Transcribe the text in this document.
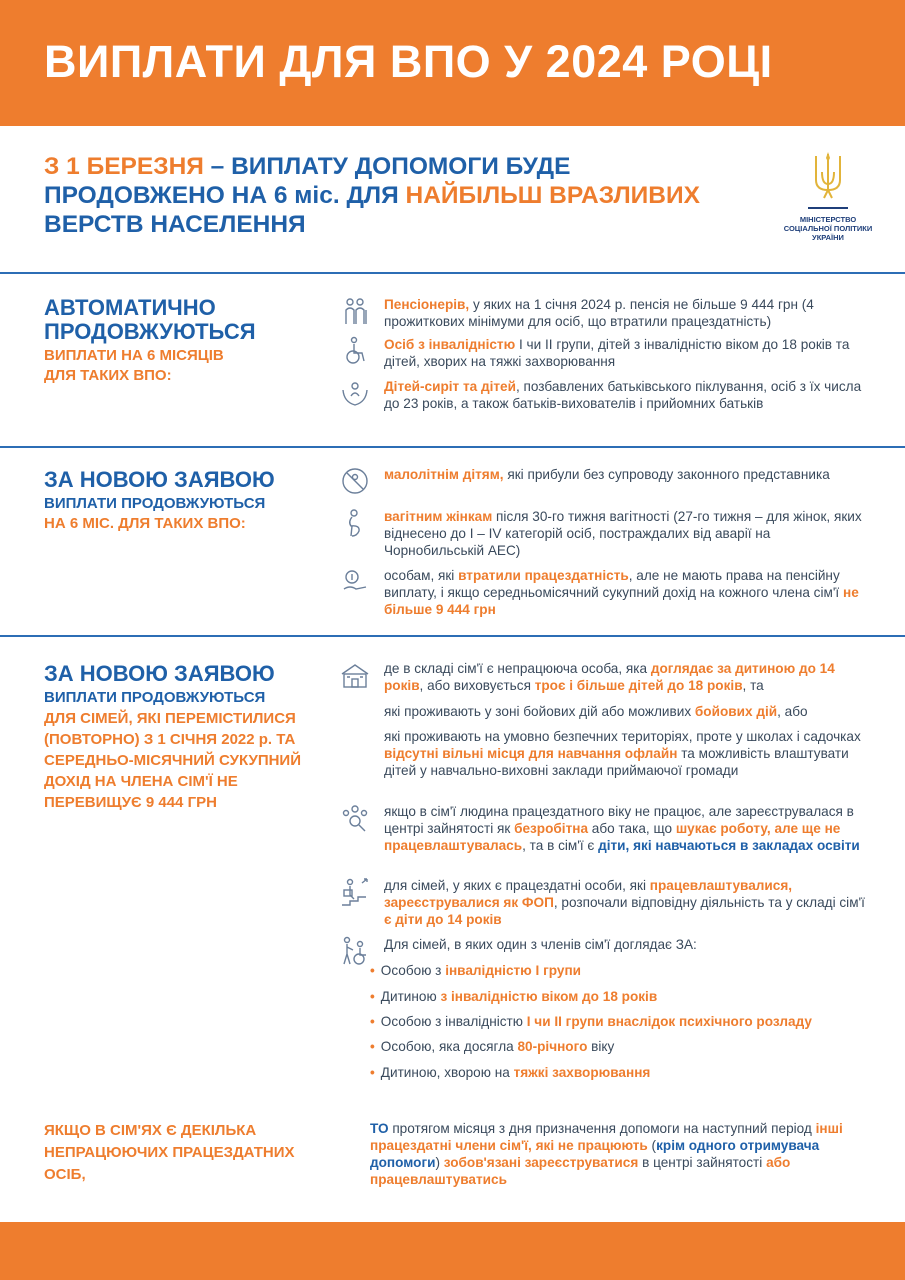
ВИПЛАТИ ДЛЯ ВПО У 2024 РОЦІ
З 1 БЕРЕЗНЯ – ВИПЛАТУ ДОПОМОГИ БУДЕ ПРОДОВЖЕНО НА 6 міс. ДЛЯ НАЙБІЛЬШ ВРАЗЛИВИХ ВЕРСТВ НАСЕЛЕННЯ	МІНІСТЕРСТВО
СОЦІАЛЬНОЇ ПОЛІТИКИ
УКРАЇНИ
АВТОМАТИЧНО ПРОДОВЖУЮТЬСЯ
ВИПЛАТИ НА 6 МІСЯЦІВ
ДЛЯ ТАКИХ ВПО:
Пенсіонерів, у яких на 1 січня 2024 р. пенсія не більше 9 444 грн (4 прожиткових мінімуми для осіб, що втратили працездатність)
Осіб з інвалідністю І чи ІІ групи, дітей з інвалідністю віком до 18 років та дітей, хворих на тяжкі захворювання
Дітей-сиріт та дітей, позбавлених батьківського піклування, осіб з їх числа до 23 років, а також батьків-вихователів і прийомних батьків
ЗА НОВОЮ ЗАЯВОЮ
ВИПЛАТИ ПРОДОВЖУЮТЬСЯ
НА 6 МІС. ДЛЯ ТАКИХ ВПО:
малолітнім дітям, які прибули без супроводу законного представника
вагітним жінкам після 30-го тижня вагітності (27-го тижня – для жінок, яких віднесено до І – IV категорій осіб, постраждалих від аварії на Чорнобильській АЕС)
особам, які втратили працездатність, але не мають права на пенсійну виплату, і якщо середньомісячний сукупний дохід на кожного члена сім'ї не більше 9 444 грн
ЗА НОВОЮ ЗАЯВОЮ
ВИПЛАТИ ПРОДОВЖУЮТЬСЯ
ДЛЯ СІМЕЙ, ЯКІ ПЕРЕМІСТИЛИСЯ (ПОВТОРНО) З 1 СІЧНЯ 2022 р. ТА СЕРЕДНЬО-МІСЯЧНИЙ СУКУПНИЙ ДОХІД НА ЧЛЕНА СІМ'Ї НЕ ПЕРЕВИЩУЄ 9 444 ГРН
де в складі сім'ї є непрацююча особа, яка доглядає за дитиною до 14 років, або виховується троє і більше дітей до 18 років, та
які проживають у зоні бойових дій або можливих бойових дій, або
які проживають на умовно безпечних територіях, проте у школах і садочках відсутні вільні місця для навчання офлайн та можливість влаштувати дітей у навчально-виховні заклади приймаючої громади
якщо в сім'ї людина працездатного віку не працює, але зареєструвалася в центрі зайнятості як безробітна або така, що шукає роботу, але ще не працевлаштувалась, та в сім'ї є діти, які навчаються в закладах освіти
для сімей, у яких є працездатні особи, які працевлаштувалися, зареєструвалися як ФОП, розпочали відповідну діяльність та у складі сім'ї є діти до 14 років
Для сімей, в яких один з членів сім'ї доглядає ЗА:
• Особою з інвалідністю І групи
• Дитиною з інвалідністю віком до 18 років
• Особою з інвалідністю І чи ІІ групи внаслідок психічного розладу
• Особою, яка досягла 80-річного віку
• Дитиною, хворою на тяжкі захворювання
ЯКЩО В СІМ'ЯХ Є ДЕКІЛЬКА НЕПРАЦЮЮЧИХ ПРАЦЕЗДАТНИХ ОСІБ,
ТО протягом місяця з дня призначення допомоги на наступний період інші працездатні члени сім'ї, які не працюють (крім одного отримувача допомоги) зобов'язані зареєструватися в центрі зайнятості або працевлаштуватись
